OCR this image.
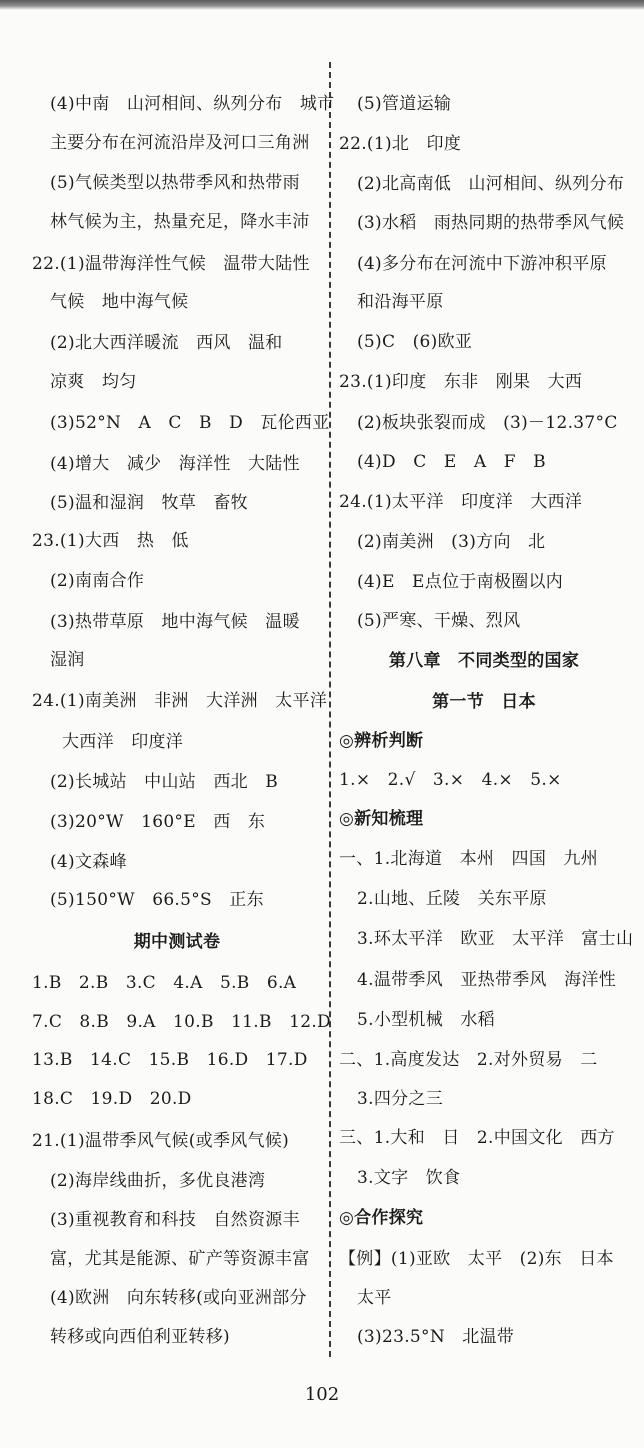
(4)中南　山河相间、纵列分布　城市
主要分布在河流沿岸及河口三角洲
(5)气候类型以热带季风和热带雨
林气候为主，热量充足，降水丰沛
22.(1)温带海洋性气候　温带大陆性
气候　地中海气候
(2)北大西洋暖流　西风　温和
凉爽　均匀
(3)52°N　A　C　B　D　瓦伦西亚
(4)增大　减少　海洋性　大陆性
(5)温和湿润　牧草　畜牧
23.(1)大西　热　低
(2)南南合作
(3)热带草原　地中海气候　温暖
湿润
24.(1)南美洲　非洲　大洋洲　太平洋
大西洋　印度洋
(2)长城站　中山站　西北　B
(3)20°W　160°E　西　东
(4)文森峰
(5)150°W　66.5°S　正东
期中测试卷
1.B　2.B　3.C　4.A　5.B　6.A
7.C　8.B　9.A　10.B　11.B　12.D
13.B　14.C　15.B　16.D　17.D
18.C　19.D　20.D
21.(1)温带季风气候(或季风气候)
(2)海岸线曲折，多优良港湾
(3)重视教育和科技　自然资源丰
富，尤其是能源、矿产等资源丰富
(4)欧洲　向东转移(或向亚洲部分
转移或向西伯利亚转移)
(5)管道运输
22.(1)北　印度
(2)北高南低　山河相间、纵列分布
(3)水稻　雨热同期的热带季风气候
(4)多分布在河流中下游冲积平原
和沿海平原
(5)C　(6)欧亚
23.(1)印度　东非　刚果　大西
(2)板块张裂而成　(3)－12.37°C
(4)D　C　E　A　F　B
24.(1)太平洋　印度洋　大西洋
(2)南美洲　(3)方向　北
(4)E　E点位于南极圈以内
(5)严寒、干燥、烈风
第八章　不同类型的国家
第一节　日本
◎辨析判断
1.×　2.√　3.×　4.×　5.×
◎新知梳理
一、1.北海道　本州　四国　九州
2.山地、丘陵　关东平原
3.环太平洋　欧亚　太平洋　富士山
4.温带季风　亚热带季风　海洋性
5.小型机械　水稻
二、1.高度发达　2.对外贸易　二
3.四分之三
三、1.大和　日　2.中国文化　西方
3.文字　饮食
◎合作探究
【例】(1)亚欧　太平　(2)东　日本
太平
(3)23.5°N　北温带
102
